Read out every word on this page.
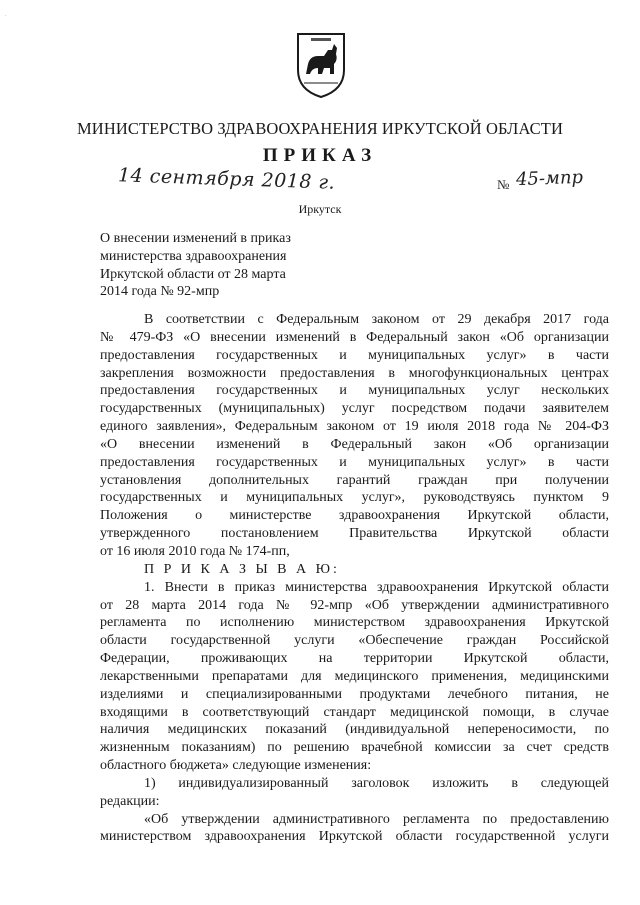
.
МИНИСТЕРСТВО ЗДРАВООХРАНЕНИЯ ИРКУТСКОЙ ОБЛАСТИ
ПРИКАЗ
14 сентября 2018 г.	№ 45-мпр
Иркутск
О внесении изменений в приказ
министерства здравоохранения
Иркутской области от 28 марта
2014 года № 92-мпр
В соответствии с Федеральным законом от 29 декабря 2017 года
№ 479-ФЗ «О внесении изменений в Федеральный закон «Об организации
предоставления государственных и муниципальных услуг» в части
закрепления возможности предоставления в многофункциональных центрах
предоставления государственных и муниципальных услуг нескольких
государственных (муниципальных) услуг посредством подачи заявителем
единого заявления», Федеральным законом от 19 июля 2018 года № 204-ФЗ
«О внесении изменений в Федеральный закон «Об организации
предоставления государственных и муниципальных услуг» в части
установления дополнительных гарантий граждан при получении
государственных и муниципальных услуг», руководствуясь пунктом 9
Положения о министерстве здравоохранения Иркутской области,
утвержденного постановлением Правительства Иркутской области
от 16 июля 2010 года № 174-пп,
П Р И К А З Ы В А Ю:
1. Внести в приказ министерства здравоохранения Иркутской области
от 28 марта 2014 года № 92-мпр «Об утверждении административного
регламента по исполнению министерством здравоохранения Иркутской
области государственной услуги «Обеспечение граждан Российской
Федерации, проживающих на территории Иркутской области,
лекарственными препаратами для медицинского применения, медицинскими
изделиями и специализированными продуктами лечебного питания, не
входящими в соответствующий стандарт медицинской помощи, в случае
наличия медицинских показаний (индивидуальной непереносимости, по
жизненным показаниям) по решению врачебной комиссии за счет средств
областного бюджета» следующие изменения:
1) индивидуализированный заголовок изложить в следующей
редакции:
«Об утверждении административного регламента по предоставлению
министерством здравоохранения Иркутской области государственной услуги
